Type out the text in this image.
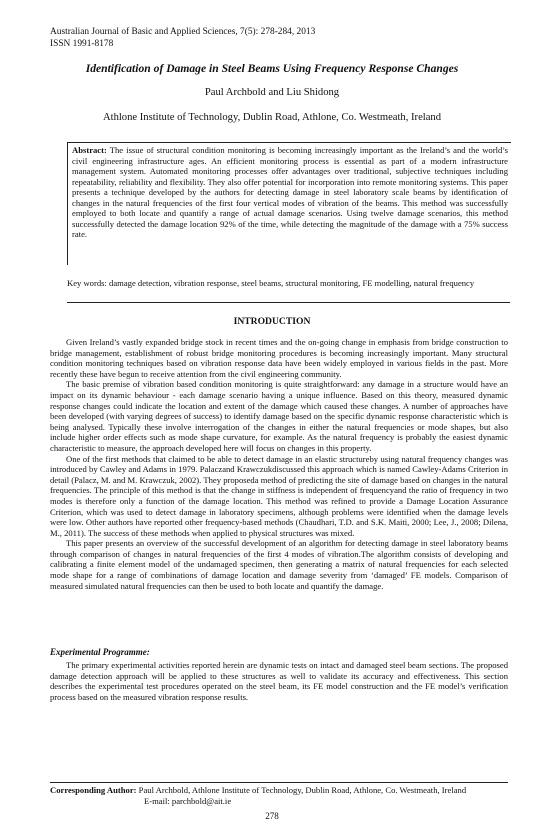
Australian Journal of Basic and Applied Sciences, 7(5): 278-284, 2013
ISSN 1991-8178
Identification of Damage in Steel Beams Using Frequency Response Changes
Paul Archbold and Liu Shidong
Athlone Institute of Technology, Dublin Road, Athlone, Co. Westmeath, Ireland
Abstract: The issue of structural condition monitoring is becoming increasingly important as the Ireland’s and the world’s civil engineering infrastructure ages. An efficient monitoring process is essential as part of a modern infrastructure management system. Automated monitoring processes offer advantages over traditional, subjective techniques including repeatability, reliability and flexibility. They also offer potential for incorporation into remote monitoring systems. This paper presents a technique developed by the authors for detecting damage in steel laboratory scale beams by identification of changes in the natural frequencies of the first four vertical modes of vibration of the beams. This method was successfully employed to both locate and quantify a range of actual damage scenarios. Using twelve damage scenarios, this method successfully detected the damage location 92% of the time, while detecting the magnitude of the damage with a 75% success rate.
Key words: damage detection, vibration response, steel beams, structural monitoring, FE modelling, natural frequency
INTRODUCTION

Given Ireland’s vastly expanded bridge stock in recent times and the on-going change in emphasis from bridge construction to bridge management, establishment of robust bridge monitoring procedures is becoming increasingly important. Many structural condition monitoring techniques based on vibration response data have been widely employed in various fields in the past. More recently these have begun to receive attention from the civil engineering community.

The basic premise of vibration based condition monitoring is quite straightforward: any damage in a structure would have an impact on its dynamic behaviour - each damage scenario having a unique influence. Based on this theory, measured dynamic response changes could indicate the location and extent of the damage which caused these changes. A number of approaches have been developed (with varying degrees of success) to identify damage based on the specific dynamic response characteristic which is being analysed. Typically these involve interrogation of the changes in either the natural frequencies or mode shapes, but also include higher order effects such as mode shape curvature, for example. As the natural frequency is probably the easiest dynamic characteristic to measure, the approach developed here will focus on changes in this property.

One of the first methods that claimed to be able to detect damage in an elastic structureby using natural frequency changes was introduced by Cawley and Adams in 1979. Palaczand Krawczukdiscussed this approach which is named Cawley-Adams Criterion in detail (Palacz, M. and M. Krawczuk, 2002). They proposeda method of predicting the site of damage based on changes in the natural frequencies. The principle of this method is that the change in stiffness is independent of frequencyand the ratio of frequency in two modes is therefore only a function of the damage location. This method was refined to provide a Damage Location Assurance Criterion, which was used to detect damage in laboratory specimens, although problems were identified when the damage levels were low. Other authors have reported other frequency-based methods (Chaudhari, T.D. and S.K. Maiti, 2000; Lee, J., 2008; Dilena, M., 2011). The success of these methods when applied to physical structures was mixed.

This paper presents an overview of the successful development of an algorithm for detecting damage in steel laboratory beams through comparison of changes in natural frequencies of the first 4 modes of vibration.The algorithm consists of developing and calibrating a finite element model of the undamaged specimen, then generating a matrix of natural frequencies for each selected mode shape for a range of combinations of damage location and damage severity from ‘damaged’ FE models. Comparison of measured simulated natural frequencies can then be used to both locate and quantify the damage.

Experimental Programme:

The primary experimental activities reported herein are dynamic tests on intact and damaged steel beam sections. The proposed damage detection approach will be applied to these structures as well to validate its accuracy and effectiveness. This section describes the experimental test procedures operated on the steel beam, its FE model construction and the FE model’s verification process based on the measured vibration response results.

Corresponding Author: Paul Archbold, Athlone Institute of Technology, Dublin Road, Athlone, Co. Westmeath, Ireland
E-mail: parchbold@ait.ie
278
